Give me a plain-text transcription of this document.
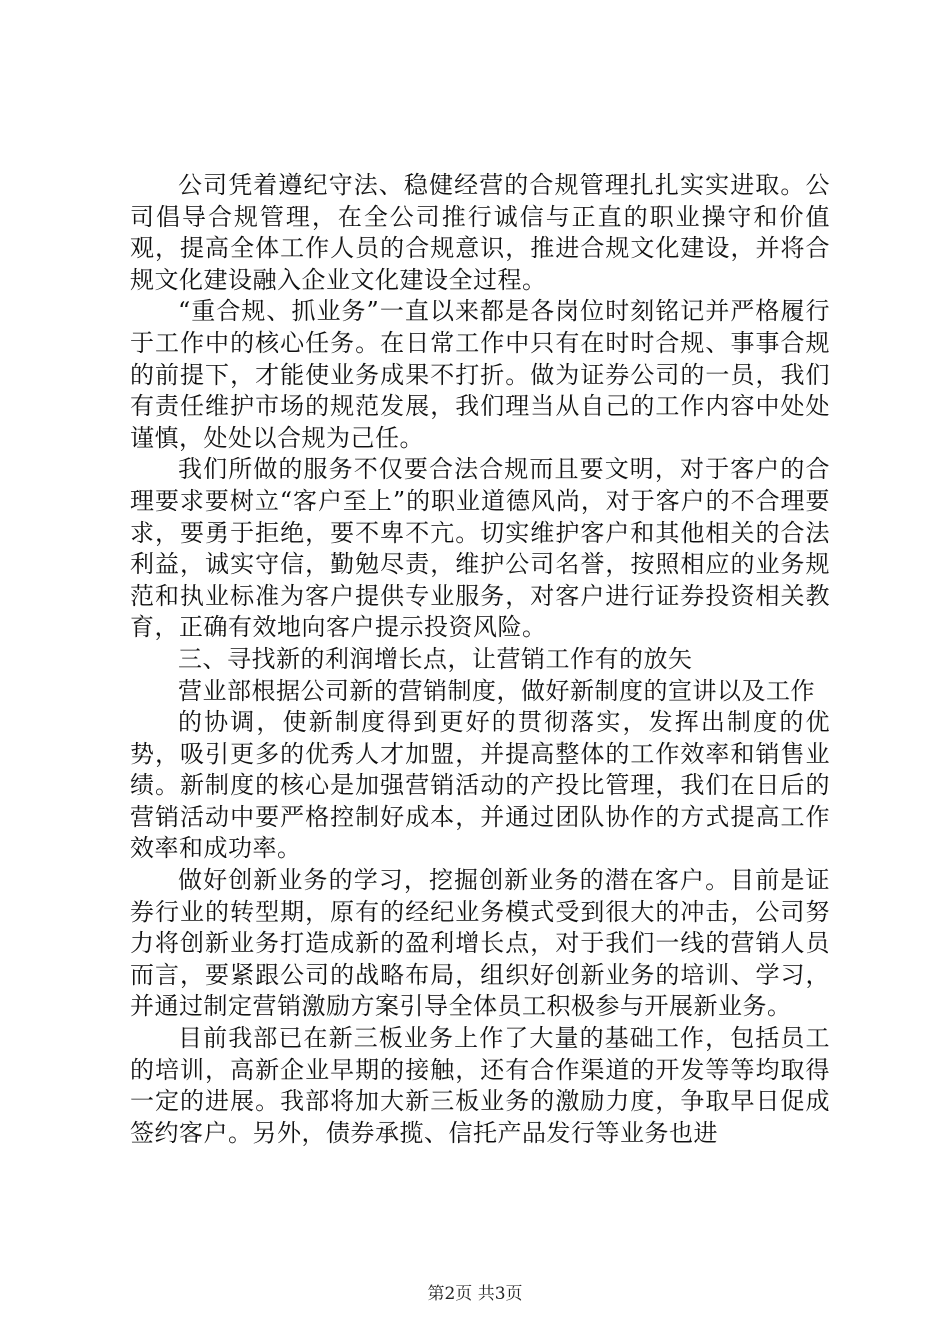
公司凭着遵纪守法、稳健经营的合规管理扎扎实实进取。公司倡导合规管理，在全公司推行诚信与正直的职业操守和价值观，提高全体工作人员的合规意识，推进合规文化建设，并将合规文化建设融入企业文化建设全过程。

“重合规、抓业务”一直以来都是各岗位时刻铭记并严格履行于工作中的核心任务。在日常工作中只有在时时合规、事事合规的前提下，才能使业务成果不打折。做为证券公司的一员，我们有责任维护市场的规范发展，我们理当从自己的工作内容中处处谨慎，处处以合规为己任。

我们所做的服务不仅要合法合规而且要文明，对于客户的合理要求要树立“客户至上”的职业道德风尚，对于客户的不合理要求，要勇于拒绝，要不卑不亢。切实维护客户和其他相关的合法利益，诚实守信，勤勉尽责，维护公司名誉，按照相应的业务规范和执业标准为客户提供专业服务，对客户进行证券投资相关教育，正确有效地向客户提示投资风险。

三、寻找新的利润增长点，让营销工作有的放矢

营业部根据公司新的营销制度，做好新制度的宣讲以及工作

的协调，使新制度得到更好的贯彻落实，发挥出制度的优势，吸引更多的优秀人才加盟，并提高整体的工作效率和销售业绩。新制度的核心是加强营销活动的产投比管理，我们在日后的营销活动中要严格控制好成本，并通过团队协作的方式提高工作效率和成功率。

做好创新业务的学习，挖掘创新业务的潜在客户。目前是证券行业的转型期，原有的经纪业务模式受到很大的冲击，公司努力将创新业务打造成新的盈利增长点，对于我们一线的营销人员而言，要紧跟公司的战略布局，组织好创新业务的培训、学习，并通过制定营销激励方案引导全体员工积极参与开展新业务。

目前我部已在新三板业务上作了大量的基础工作，包括员工的培训，高新企业早期的接触，还有合作渠道的开发等等均取得一定的进展。我部将加大新三板业务的激励力度，争取早日促成签约客户。另外，债券承揽、信托产品发行等业务也进

第2页 共3页
